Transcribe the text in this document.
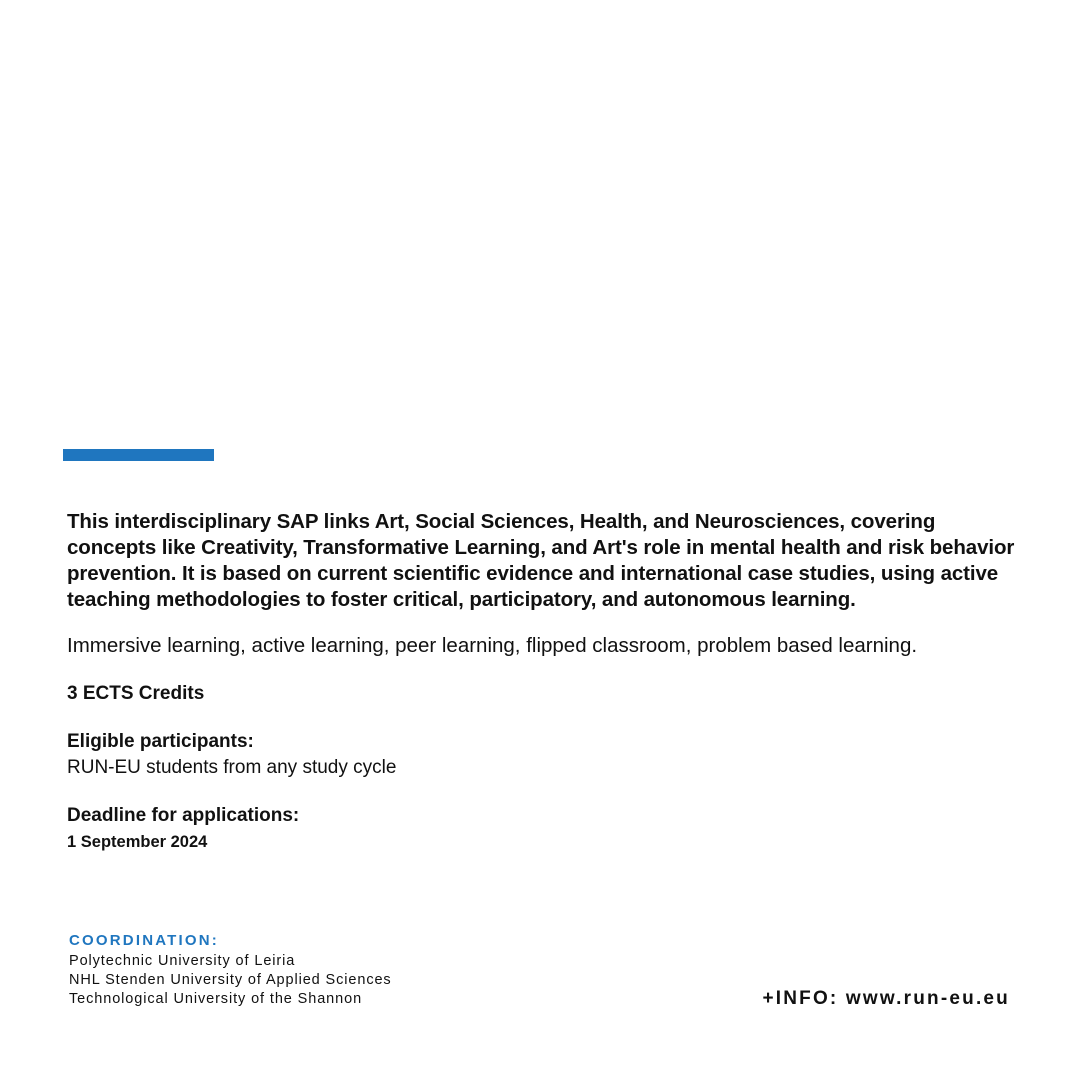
This interdisciplinary SAP links Art, Social Sciences, Health, and Neurosciences, covering concepts like Creativity, Transformative Learning, and Art's role in mental health and risk behavior prevention. It is based on current scientific evidence and international case studies, using active teaching methodologies to foster critical, participatory, and autonomous learning.

Immersive learning, active learning, peer learning, flipped classroom, problem based learning.

3 ECTS Credits

Eligible participants:

RUN-EU students from any study cycle

Deadline for applications:

1 September 2024

COORDINATION:

Polytechnic University of Leiria

NHL Stenden University of Applied Sciences

Technological University of the Shannon	+INFO: www.run-eu.eu
